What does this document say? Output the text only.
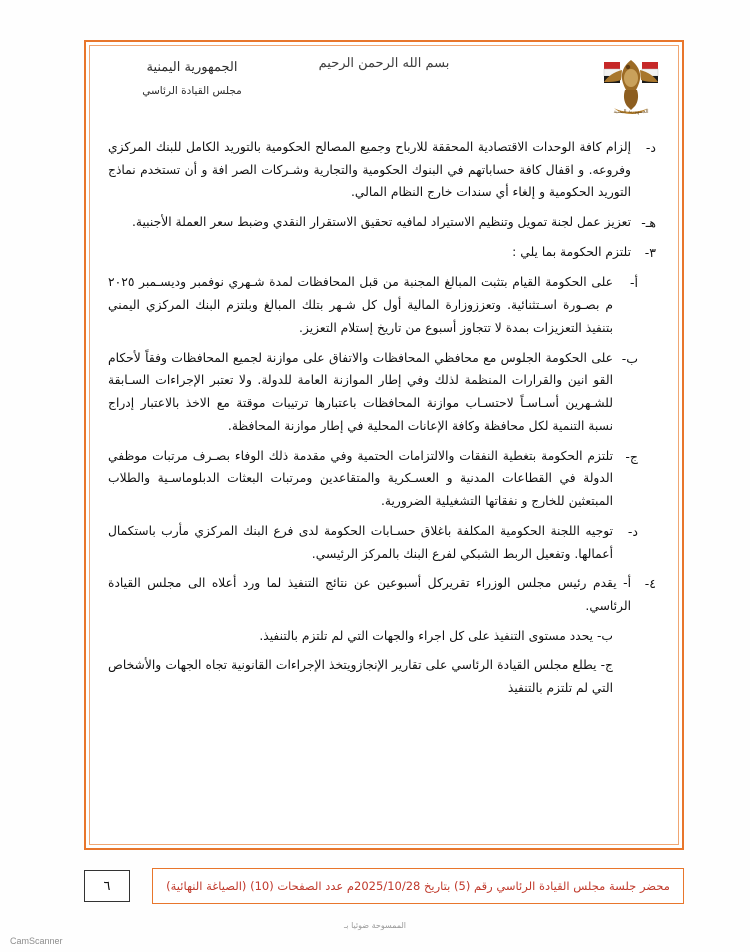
الجمهورية اليمنية
بسم الله الرحمن الرحيم
الجمهورية اليمنية
مجلس القيادة الرئاسي
د-
إلزام كافة الوحدات الاقتصادية المحققة للارباح وجميع المصالح الحكومية بالتوريد الكامل للبنك المركزي وفروعه. و اقفال كافة حساباتهم في البنوك الحكومية والتجارية وشـركات الصر افة و أن تستخدم نماذج التوريد الحكومية و إلغاء أي سندات خارج النظام المالي.
هـ-
تعزيز عمل لجنة تمويل وتنظيم الاستيراد لمافيه تحقيق الاستقرار النقدي وضبط سعر العملة الأجنبية.
٣-
تلتزم الحكومة بما يلي :
أ-
على الحكومة القيام بتثبت المبالغ المجنبة من قبل المحافظات لمدة شـهري نوفمبر وديسـمبر ٢٠٢٥ م بصـورة اسـتثنائية. وتعززوزارة المالية أول كل شـهر بتلك المبالغ وبلتزم البنك المركزي اليمني بتنفيذ التعزيزات بمدة لا تتجاوز أسبوع من تاريخ إستلام التعزيز.
ب-
على الحكومة الجلوس مع محافظي المحافظات والاتفاق على موازنة لجميع المحافظات وفقاً لأحكام القو انين والقرارات المنظمة لذلك وفي إطار الموازنة العامة للدولة. ولا تعتبر الإجراءات السـابقة للشـهرين أسـاسـاً لاحتسـاب موازنة المحافظات باعتبارها ترتيبات موقتة مع الاخذ بالاعتبار إدراج نسبة التنمية لكل محافظة وكافة الإعانات المحلية في إطار موازنة المحافظة.
ج-
تلتزم الحكومة بتغطية النفقات والالتزامات الحتمية وفي مقدمة ذلك الوفاء بصـرف مرتبات موظفي الدولة في القطاعات المدنية و العسـكرية والمتقاعدين ومرتبات البعثات الدبلوماسـية والطلاب المبتعثين للخارج و نفقاتها التشغيلية الضرورية.
د-
توجيه اللجنة الحكومية المكلفة باغلاق حسـابات الحكومة لدى فرع البنك المركزي مأرب باستكمال أعمالها. وتفعيل الربط الشبكي لفرع البنك بالمركز الرئيسي.
٤-
أ- يقدم رئيس مجلس الوزراء تقريركل أسبوعين عن نتائج التنفيذ لما ورد أعلاه الى مجلس القيادة الرئاسي.
ب- يحدد مستوى التنفيذ على كل اجراء والجهات التي لم تلتزم بالتنفيذ.
ج- يطلع مجلس القيادة الرئاسي على تقارير الإنجازويتخذ الإجراءات القانونية تجاه الجهات والأشخاص التي لم تلتزم بالتنفيذ
محضر جلسة مجلس القيادة الرئاسي رقم (5) بتاريخ 2025/10/28م عدد الصفحات (10) (الصياغة النهائية)
٦
الممسوحة ضوئيا بـ
CamScanner
